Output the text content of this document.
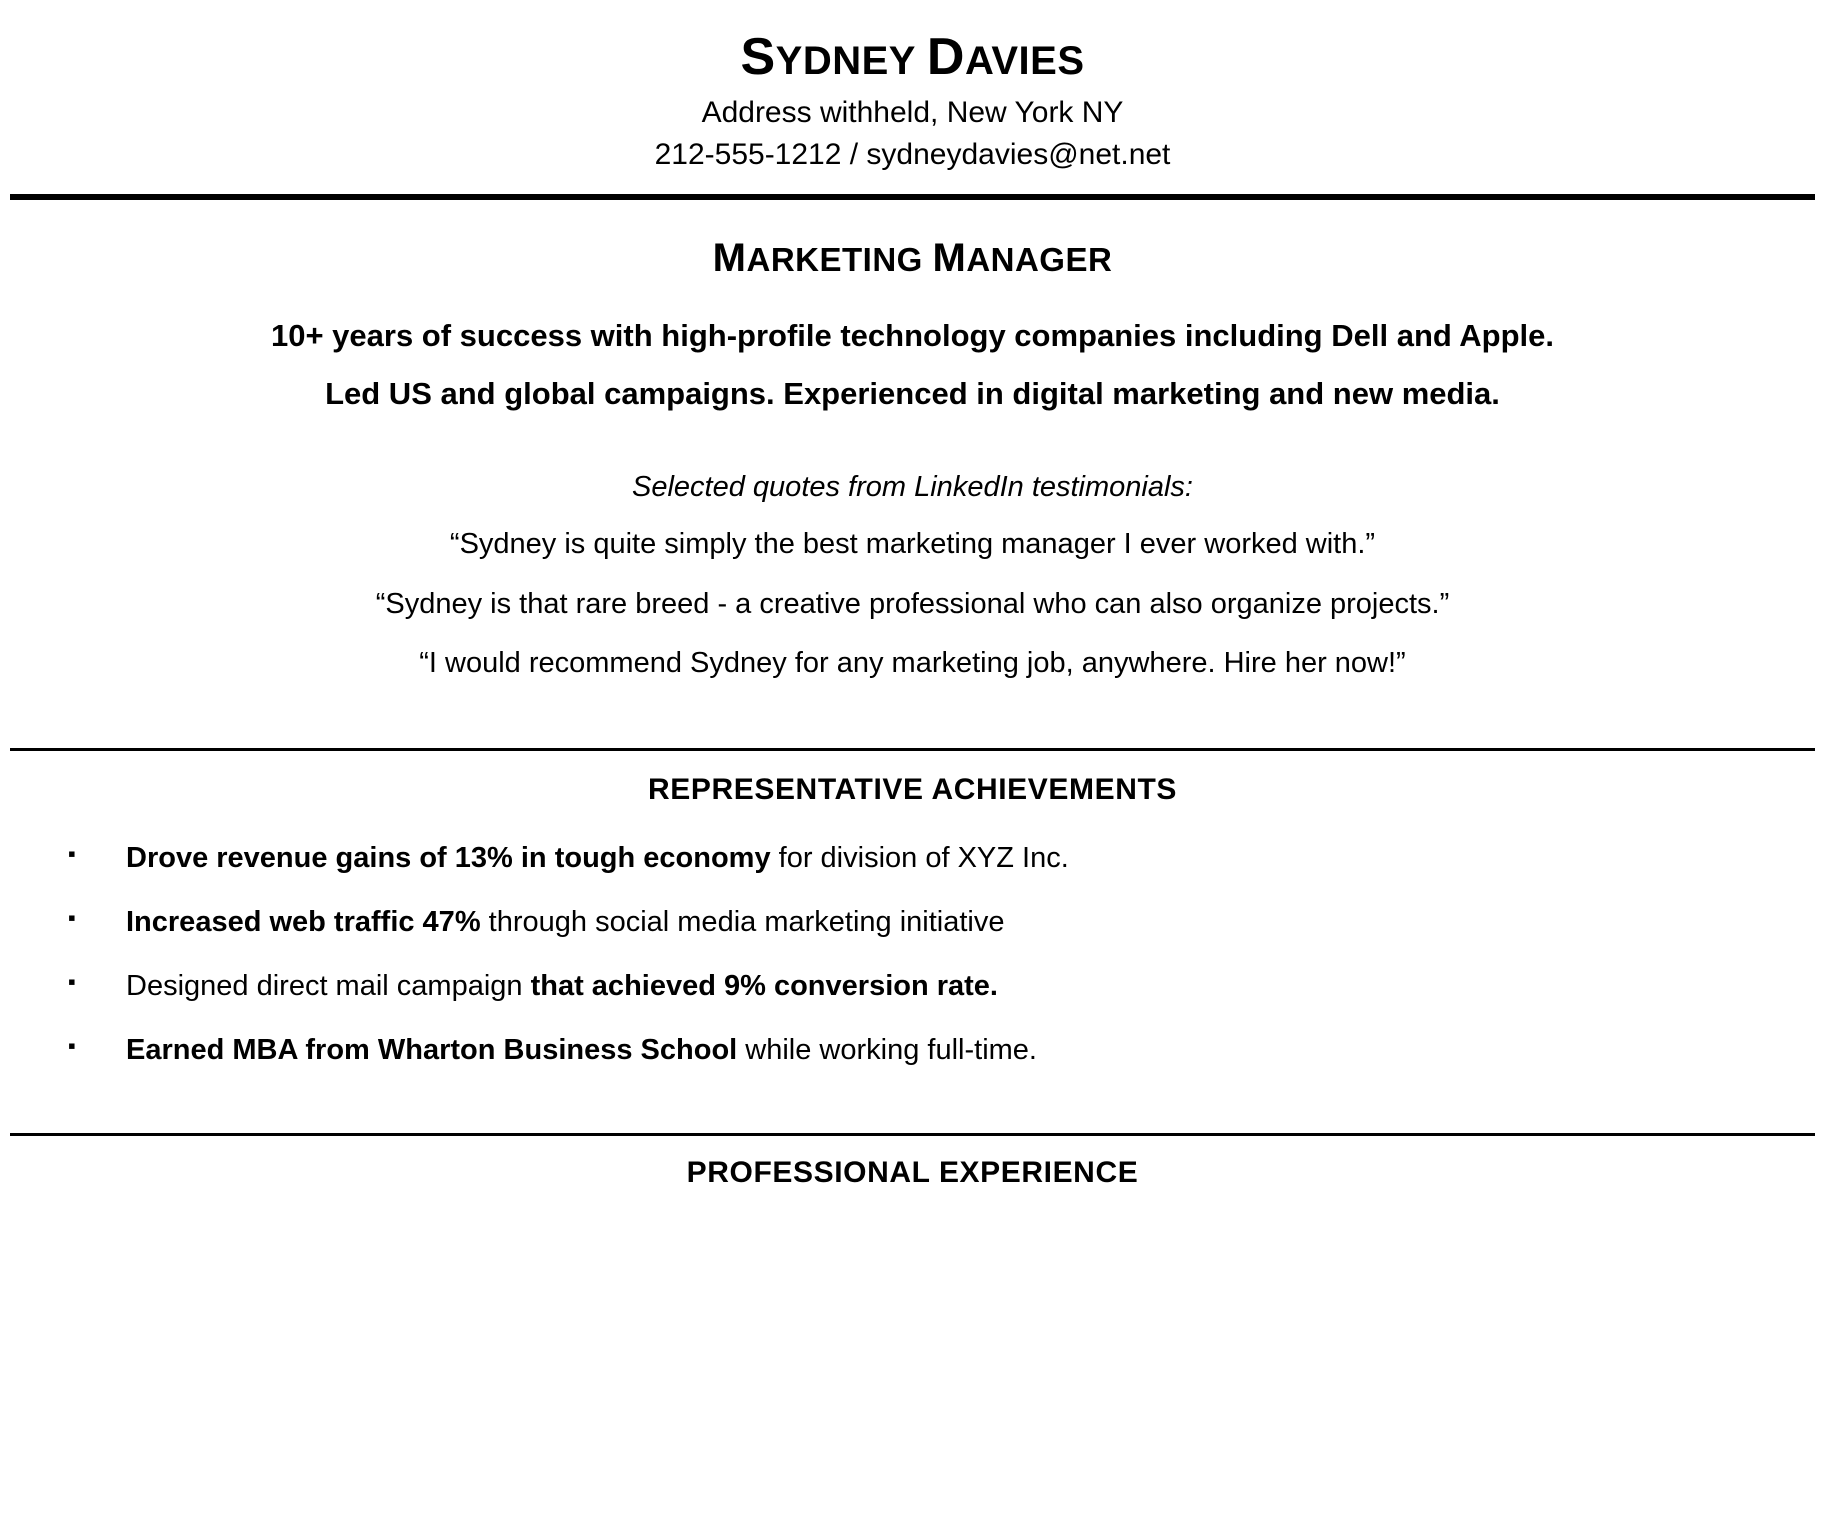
SYDNEY DAVIES
Address withheld, New York NY
212-555-1212 / sydneydavies@net.net
MARKETING MANAGER
10+ years of success with high-profile technology companies including Dell and Apple.
Led US and global campaigns. Experienced in digital marketing and new media.
Selected quotes from LinkedIn testimonials:
“Sydney is quite simply the best marketing manager I ever worked with.”
“Sydney is that rare breed - a creative professional who can also organize projects.”
“I would recommend Sydney for any marketing job, anywhere. Hire her now!”
REPRESENTATIVE ACHIEVEMENTS
▪ Drove revenue gains of 13% in tough economy for division of XYZ Inc.
▪ Increased web traffic 47% through social media marketing initiative
▪ Designed direct mail campaign that achieved 9% conversion rate.
▪ Earned MBA from Wharton Business School while working full-time.
PROFESSIONAL EXPERIENCE
